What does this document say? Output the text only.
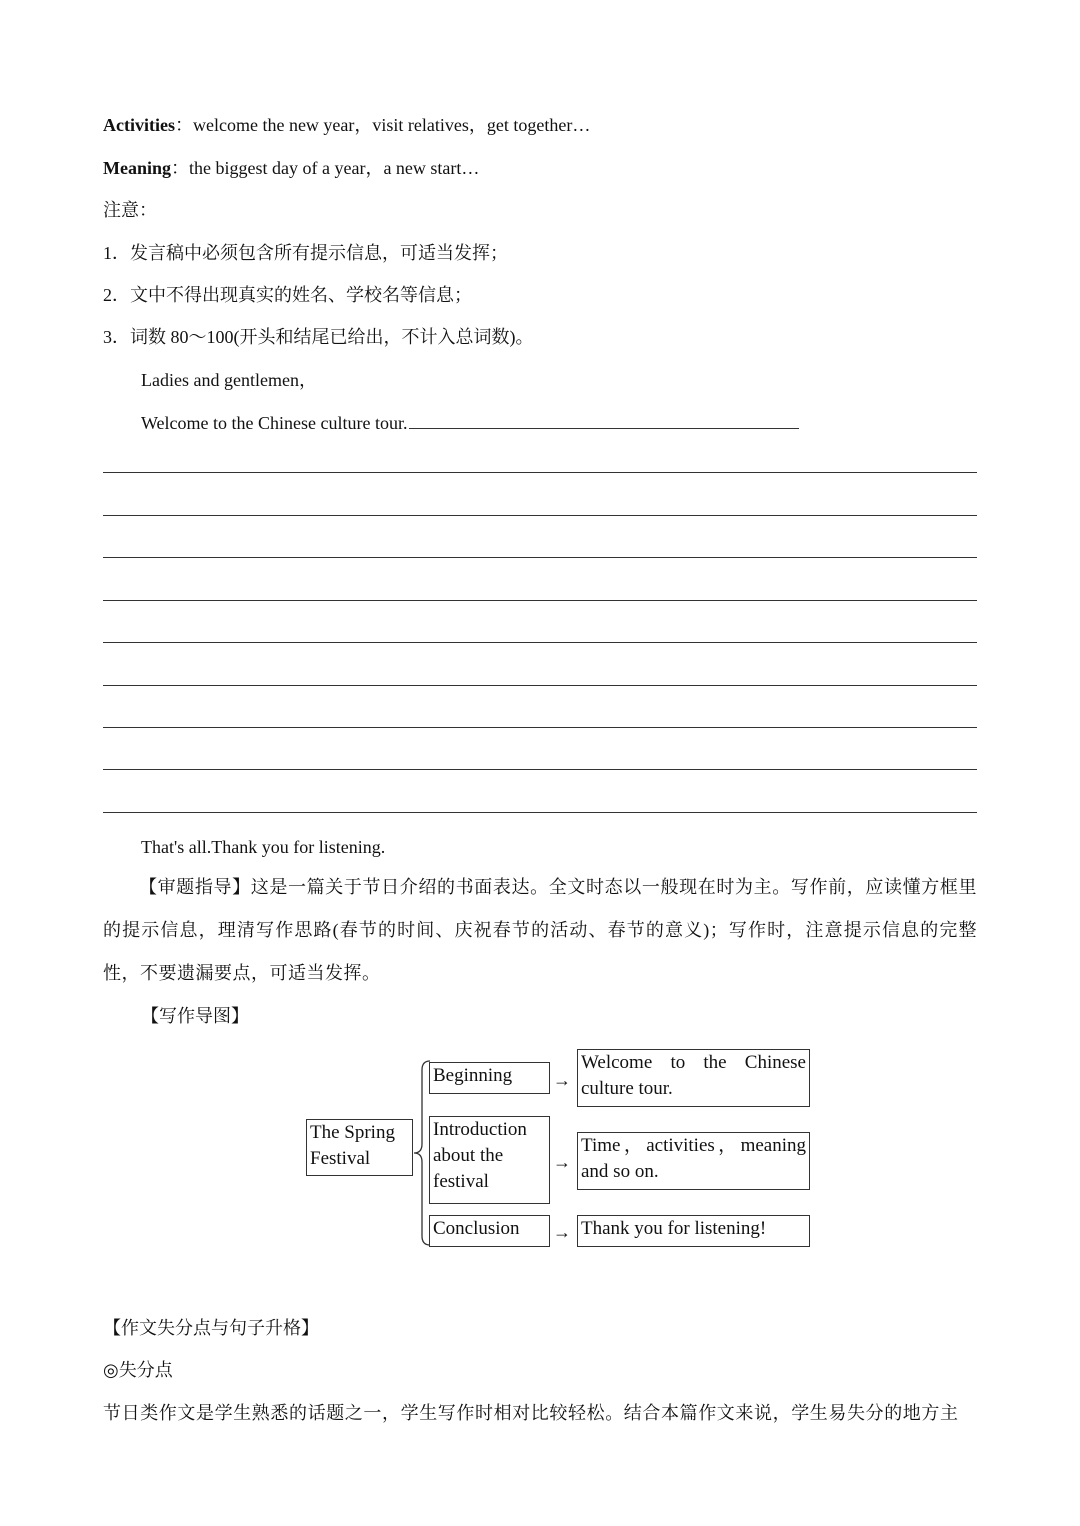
Activities：welcome the new year，visit relatives，get together…
Meaning：the biggest day of a year，a new start…
注意：
1．发言稿中必须包含所有提示信息，可适当发挥；
2．文中不得出现真实的姓名、学校名等信息；
3．词数 80～100(开头和结尾已给出，不计入总词数)。
Ladies and gentlemen，
Welcome to the Chinese culture tour.
That's all.Thank you for listening.
【审题指导】这是一篇关于节日介绍的书面表达。全文时态以一般现在时为主。写作前，应读懂方框里的提示信息，理清写作思路(春节的时间、庆祝春节的活动、春节的意义)；写作时，注意提示信息的完整性，不要遗漏要点，可适当发挥。
【写作导图】
The Spring Festival
Beginning
Introduction about the festival
Conclusion
→
→
→
Welcome to the Chinese culture tour.
Time，activities，meaning and so on.
Thank you for listening!
【作文失分点与句子升格】
◎失分点
节日类作文是学生熟悉的话题之一，学生写作时相对比较轻松。结合本篇作文来说，学生易失分的地方主
